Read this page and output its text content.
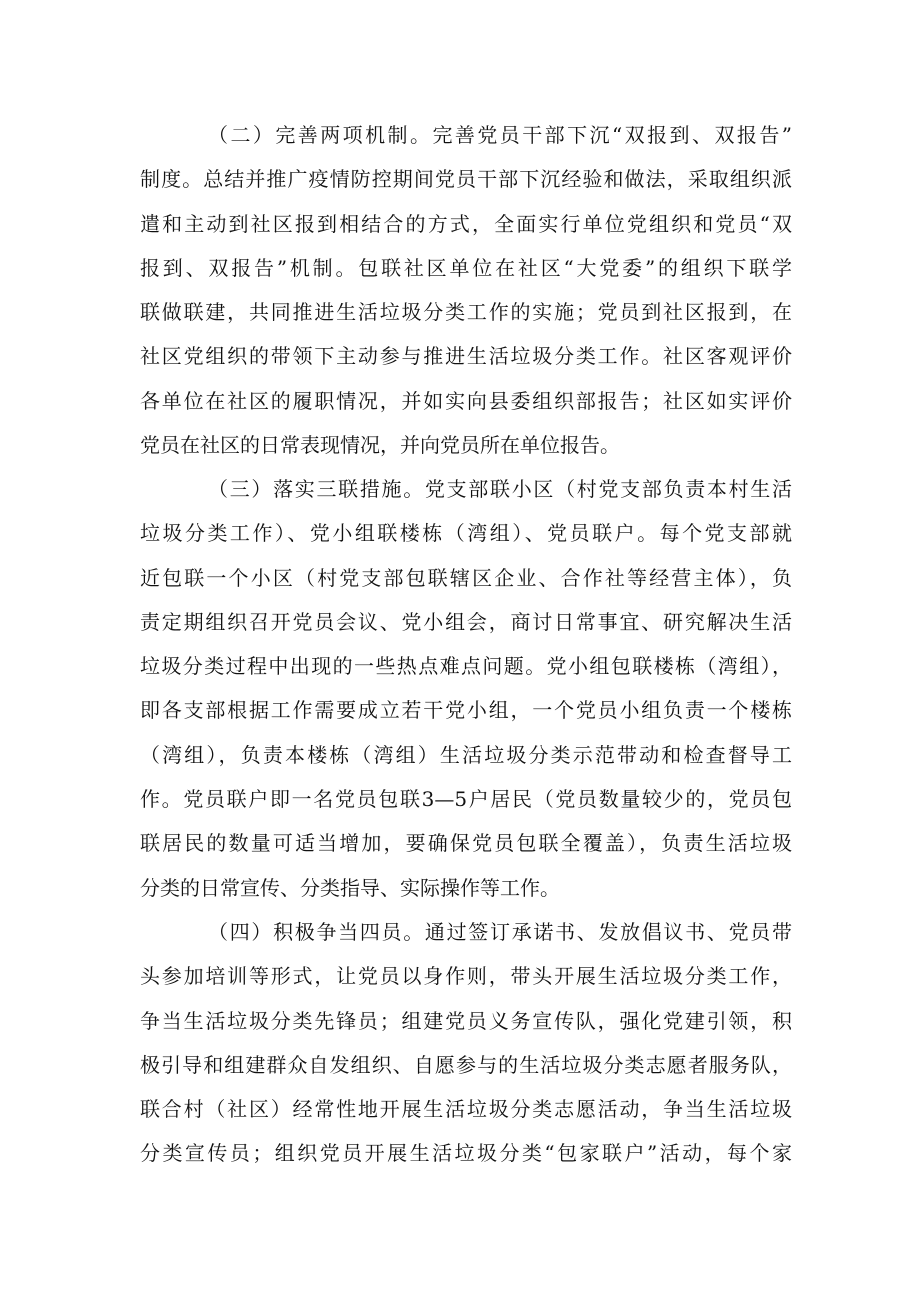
（二）完善两项机制。完善党员干部下沉“双报到、双报告”
制度。总结并推广疫情防控期间党员干部下沉经验和做法，采取组织派
遣和主动到社区报到相结合的方式，全面实行单位党组织和党员“双
报到、双报告”机制。包联社区单位在社区“大党委”的组织下联学
联做联建，共同推进生活垃圾分类工作的实施；党员到社区报到，在
社区党组织的带领下主动参与推进生活垃圾分类工作。社区客观评价
各单位在社区的履职情况，并如实向县委组织部报告；社区如实评价
党员在社区的日常表现情况，并向党员所在单位报告。
（三）落实三联措施。党支部联小区（村党支部负责本村生活
垃圾分类工作）、党小组联楼栋（湾组）、党员联户。每个党支部就
近包联一个小区（村党支部包联辖区企业、合作社等经营主体），负
责定期组织召开党员会议、党小组会，商讨日常事宜、研究解决生活
垃圾分类过程中出现的一些热点难点问题。党小组包联楼栋（湾组），
即各支部根据工作需要成立若干党小组，一个党员小组负责一个楼栋
（湾组），负责本楼栋（湾组）生活垃圾分类示范带动和检查督导工
作。党员联户即一名党员包联3—5户居民（党员数量较少的，党员包
联居民的数量可适当增加，要确保党员包联全覆盖），负责生活垃圾
分类的日常宣传、分类指导、实际操作等工作。
（四）积极争当四员。通过签订承诺书、发放倡议书、党员带
头参加培训等形式，让党员以身作则，带头开展生活垃圾分类工作，
争当生活垃圾分类先锋员；组建党员义务宣传队，强化党建引领，积
极引导和组建群众自发组织、自愿参与的生活垃圾分类志愿者服务队，
联合村（社区）经常性地开展生活垃圾分类志愿活动，争当生活垃圾
分类宣传员；组织党员开展生活垃圾分类“包家联户”活动，每个家
